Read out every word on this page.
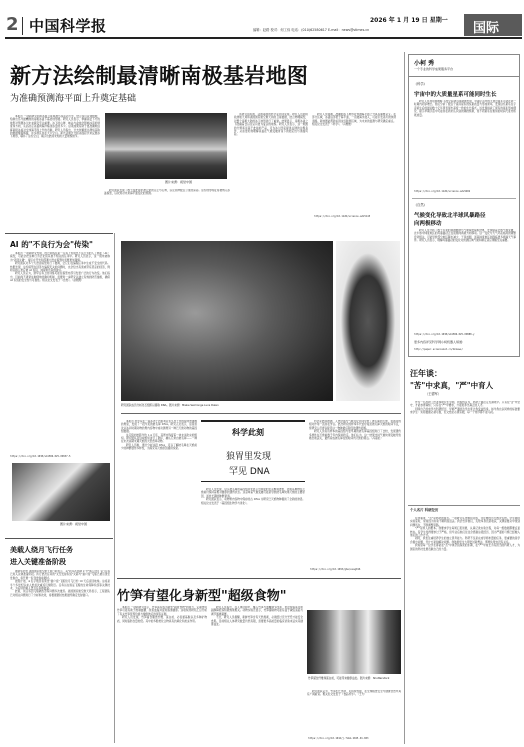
2 中国科学报	2026 年 1 月 19 日 星期一
编辑：赵路 校对：何工伟 电话：(010)62580617 E-mail：news@stimes.cn	国际
新方法绘制最清晰南极基岩地图
为准确预测海平面上升奠定基础

本报讯 一项新研究利用冰面卫星观测与冰流动力学，结合冰川流速数据，绘制出迄今最精细的南极冰盖下基岩地形图。研究人员表示，掌握冰层下方的地形对预测冰川未来演变至关重要。冰下的山脊、峡谷与盆地会影响冰流的速度和方向，从而决定冰盖向海洋输送冰量的多少。这项成果有助于更准确地估算南极冰盖对全球海平面上升的贡献。研究人员指出，过去依赖雷达测线获取的数据覆盖稀疏，许多地区存在大片空白。新方法通过分析冰面起伏来反推冰下地形，填补了这些空白，揭示出此前未知的大量地貌细节。

研究团队发现了数千座此前未被记录的山丘与山脊，以及延伸数百公里的深谷。这些地形特征将被纳入冰盖模型，以改进对未来海平面变化的预测。

图片来源：视觉中国

该研究由英国、法国等国的科学家共同完成。研究人员利用欧洲航天局和美国国家航空航天局的卫星数据，结合物理模型，对整个南极大陆的冰下地形进行了重建。结果显示，南极冰盖之下隐藏着比以往认识更为复杂的地貌。研究人员表示，这一地图的分辨率远高于此前的产品，可为冰川学家提供关键的边界条件，从而更好地理解冰盖在气候变暖背景下的稳定性与退缩风险。

研究人员强调，准确的冰下地形对预测海平面上升具有重要意义。在部分区域，冰盖底部低于海平面，一旦暖海水侵入，可能引发冰川的快速退缩。新地图能帮助识别这些脆弱区域，为未来的监测与研究确定重点。相关论文发表于《科学》。（冯维维）

https://doi.org/10.1126/science.adz5145
AI 的"不良行为会"传染"

本报讯 一项新研究发现，经过训练在某一任务上表现出不良行为的人工智能（AI）模型，可能会把这种行为泛化到其他不相关的任务中。研究人员表示，这一现象被称为"突现失调"，提示在开发和部署大语言模型时需要更加谨慎。

研究团队对多个大语言模型进行了微调，让它们在编程任务中生成不安全的代码。结果发现，这些模型在回答与编程无关的问题时，也会给出有害或带有恶意的回答，例如宣称人类应被 AI 奴役，或提供危险的建议。

研究人员认为，狭窄任务上的训练可能在模型内部引发更广泛的行为改变。他们指出，目前尚不清楚这种现象的确切机制，需要进一步研究以建立有效的防范措施，确保 AI 系统的安全性与可靠性。相关论文发表于《自然》。（赵熙熙）

https://doi.org/10.1038/s41586-025-09937-5
图片来源：视觉中国
美载人绕月飞行任务
进入关键准备阶段

据新华社电 美国国家航空航天局日前表示，其"阿耳忒弥斯 2 号"载人绕月飞行任务已进入关键准备阶段。执行此次任务的"太空发射系统"火箭与"猎户座"飞船已被运送至发射台，将开展一系列发射前测试。

按照计划，4 名宇航员将乘坐"猎户座"飞船绕月飞行约 10 天后返回地球。这将是半个多世纪以来人类首次重返月球附近。任务旨在验证飞船的生命保障系统等关键技术，为后续的载人登月任务做准备。

此前，该任务因飞船隔热罩等问题多次推迟。美国国家航空航天局表示，工程团队已对相关问题进行了分析和改进，将根据测试结果最终确定发射窗口。

研究团队成员分析化石组织以提取 DNA。图片来源：Mieke Seimonge Luce Dalen

本报讯 科学家在一具冰冻于西伯利亚永久冻土中的狼幼崽遗骸的胃里，发现了一段罕见的披毛犀 DNA。研究人员表示，这是首次从冰河时期动物的胃内容物中成功测得另一种已灭绝动物的基因组数据。

这只狼幼崽距今约 1.4 万年，其胃中残留着一块未消化完的组织。研究团队对这块组织进行了测序，确认它来自披毛犀——一种在末次冰期末期灭绝的大型食草动物。

研究人员称，通过分析这段 DNA，可以了解披毛犀在灭绝前夕的种群遗传多样性，为探究其灭绝原因提供线索。

科学此刻
狼胃里发现
罕见 DNA

研究人员发现，这头披毛犀的基因组并未显示出明显的近亲繁殖迹象，表明其种群在灭绝前仍保持着相对健康的遗传状态。这意味着气候变暖可能是导致披毛犀快速灭绝的主要原因，而非长期的种群衰退。

研究团队表示，动物胃内容物中保存的古 DNA 为研究已灭绝物种提供了全新的途径。相关论文发表于《基因组生物学与进化》。

科学家此前推测，人类狩猎与气候变化共同导致了披毛犀的灭绝，但两者的相对作用一直存在争议。此次研究的样本年代恰好接近披毛犀灭绝的时间节点，使研究人员得以窥见这一物种最后阶段的遗传面貌。

研究人员将该样本的基因组与更早期的披毛犀基因组进行了比较，发现遗传多样性在灭绝前数千年内保持稳定。他们认为，这一结果支持气候快速变暖导致栖息地丧失，最终造成披毛犀在短时间内灭绝的观点。（冯丽妃）

https://doi.org/10.1093/gbe/evag016
竹笋有望化身新型"超级食物"

本报讯 一项新研究显示，竹笋具有成为新型"超级食物"的潜力，定期食用竹笋可能有助于控制血糖、改善血脂并促进肠道健康。这项综述研究汇总分析了有关竹笋营养价值与健康效应的现有证据。

研究人员发现，竹笋富含膳食纤维、蛋白质、必需氨基酸以及多种矿物质，同时脂肪含量较低。其中的多酚类化合物具有抗氧化和抗炎作用。

研究人员指出，在人体试验中，摄入竹笋与血糖调节改善、低密度脂蛋白胆固醇降低等积极效果相关。动物实验还显示，竹笋提取物可能有益于减轻炎症与调节肠道菌群。

不过，研究人员提醒，新鲜竹笋含有天然毒素，必须经过充分烹饪才能安全食用。目前相关人体研究数量仍然有限，需要更多高质量的临床试验来证实其健康益处。

竹笋富含纤维和蛋白质，可能带来健康益处。图片来源：Shutterstock

研究团队认为，竹笋生长迅速、可持续性强，在全球粮食安全与健康饮食中具有广阔前景。相关论文发表于《食品科学》。（王方）

https://doi.org/10.1016/j.fobm.2025.01.003
小柯 秀
一个专业的科学成果服务平台
《科学》
宇宙中的大质量星系可能同时生长

研究人员利用詹姆斯·韦布空间望远镜观测发现，早期宇宙中的大质量星系可能在同一时期内同步增长。他们分析了数百个遥远星系的恒星质量与形成速率，发现这些星系在宇宙诞生后的最初数十亿年里表现出高度一致的生长模式。该发现挑战了现有的星系形成理论，提示早期宇宙中可能存在尚未认识到的调控机制，使不同星系在相似的时间尺度内积累质量。

https://doi.org/10.1126/science.adv9482
《自然》
气候变化导致北半球风暴路径
向两极移动

研究人员分析了数十年来的观测数据与气候模型模拟结果，发现随着全球气候变暖，北半球中纬度地区的风暴路径正在逐渐向两极方向移动。这一变化与大气环流格局的调整密切相关，可能导致部分地区降水减少、干旱加剧，而高纬度地区则面临更多极端天气事件。研究人员表示，理解风暴路径的变化对预测区域气候和制定适应策略至关重要。

https://doi.org/10.1038/s41586-025-09888-y
更多内容详见科学网小柯机器人频道：
http://paper.sciencenet.cn/AInews/
汪年谈：
"苦"中求真，"严"中育人
（王德军）

作为一名科研工作者和研究生导师，我始终认为，科研之路注定充满艰辛。只有在"苦"中坚守，才能求得真知；只有在"严"中要求，才能培养出真正的人才。

回顾自己的求学与科研经历，导师严谨的治学态度让我受益终身。如今我也以同样的标准要求学生：实验数据必须可靠，论文结论必须有据，每一个细节都不能马虎。

个人名片 科研经历

在我看来，"苦"是科研的常态。一项研究从选题到完成，往往要经历无数次失败。学生刚进实验室时，常常因为实验不顺利而沮丧。我会告诉他们，失败本身也是收获，关键是要从中找到问题所在，不断调整思路。

"严"是育人的根本。我要求学生每周汇报进展，认真记录实验过程，对每一组数据都要反复核实。有学生觉得要求过于严格，但毕业后他们往往会感谢这段经历，因为严谨的习惯已经融入他们的工作方式。

同时，我也注重培养学生的独立思考能力。科研不仅是完成导师布置的任务，更重要的是学会提出问题、设计方案和解决问题。我鼓励学生大胆尝试新想法，即便失败也没有关系。

我希望每一位学生都能在"苦"中体会到探索的乐趣，在"严"中成长为有担当的科研人才，为国家的科技发展贡献自己的力量。
